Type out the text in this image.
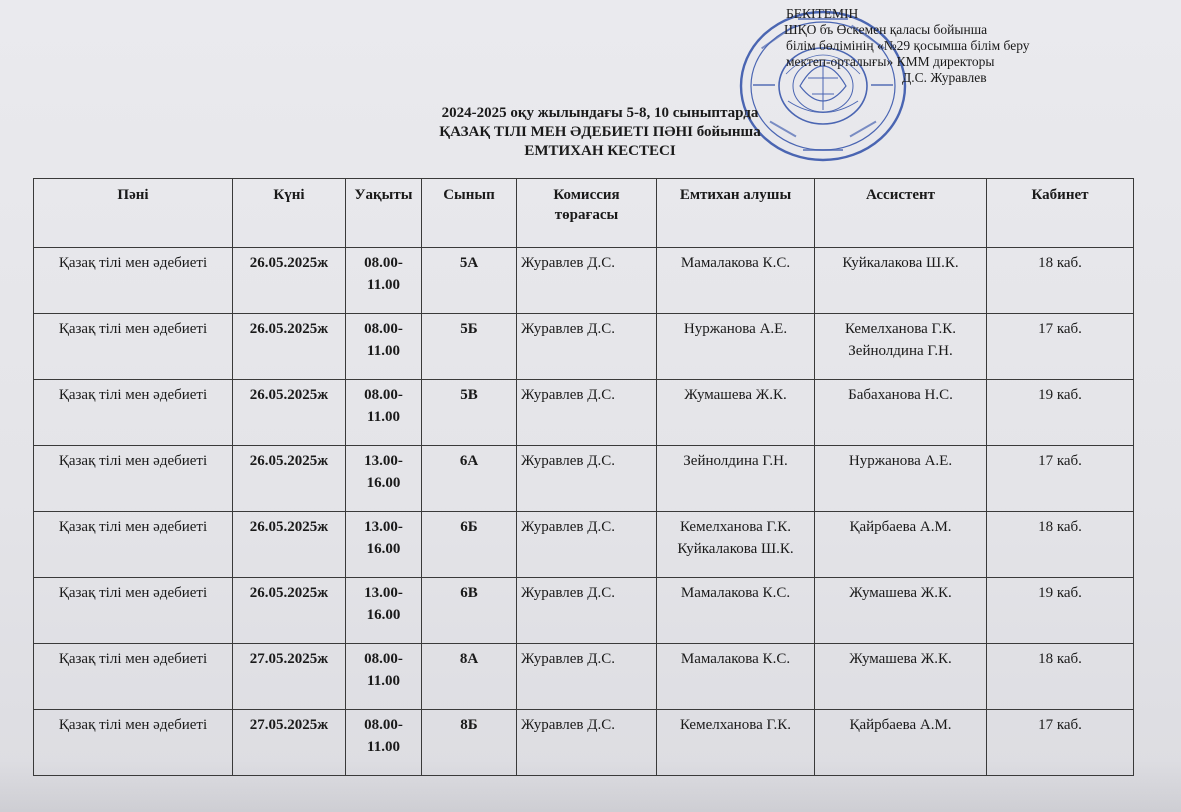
БЕКІТЕМІН
ШҚО бъ Өскемен қаласы бойынша
білім бөлімінің «№29 қосымша білім беру
мектеп-орталығы» КММ директоры
Д.С. Журавлев
2024-2025 оқу жылындағы 5-8, 10 сыныптарда
ҚАЗАҚ ТІЛІ МЕН ӘДЕБИЕТІ ПӘНІ бойынша
ЕМТИХАН КЕСТЕСІ
Пәні	Күні	Уақыты	Сынып	Комиссия төрағасы	Емтихан алушы	Ассистент	Кабинет
Қазақ тілі мен әдебиеті	26.05.2025ж	08.00-11.00	5А	Журавлев Д.С.	Мамалакова К.С.	Куйкалакова Ш.К.	18 каб.
Қазақ тілі мен әдебиеті	26.05.2025ж	08.00-11.00	5Б	Журавлев Д.С.	Нуржанова А.Е.	Кемелханова Г.К. Зейнолдина Г.Н.	17 каб.
Қазақ тілі мен әдебиеті	26.05.2025ж	08.00-11.00	5В	Журавлев Д.С.	Жумашева Ж.К.	Бабаханова Н.С.	19 каб.
Қазақ тілі мен әдебиеті	26.05.2025ж	13.00-16.00	6А	Журавлев Д.С.	Зейнолдина Г.Н.	Нуржанова А.Е.	17 каб.
Қазақ тілі мен әдебиеті	26.05.2025ж	13.00-16.00	6Б	Журавлев Д.С.	Кемелханова Г.К. Куйкалакова Ш.К.	Қайрбаева А.М.	18 каб.
Қазақ тілі мен әдебиеті	26.05.2025ж	13.00-16.00	6В	Журавлев Д.С.	Мамалакова К.С.	Жумашева Ж.К.	19 каб.
Қазақ тілі мен әдебиеті	27.05.2025ж	08.00-11.00	8А	Журавлев Д.С.	Мамалакова К.С.	Жумашева Ж.К.	18 каб.
Қазақ тілі мен әдебиеті	27.05.2025ж	08.00-11.00	8Б	Журавлев Д.С.	Кемелханова Г.К.	Қайрбаева А.М.	17 каб.
